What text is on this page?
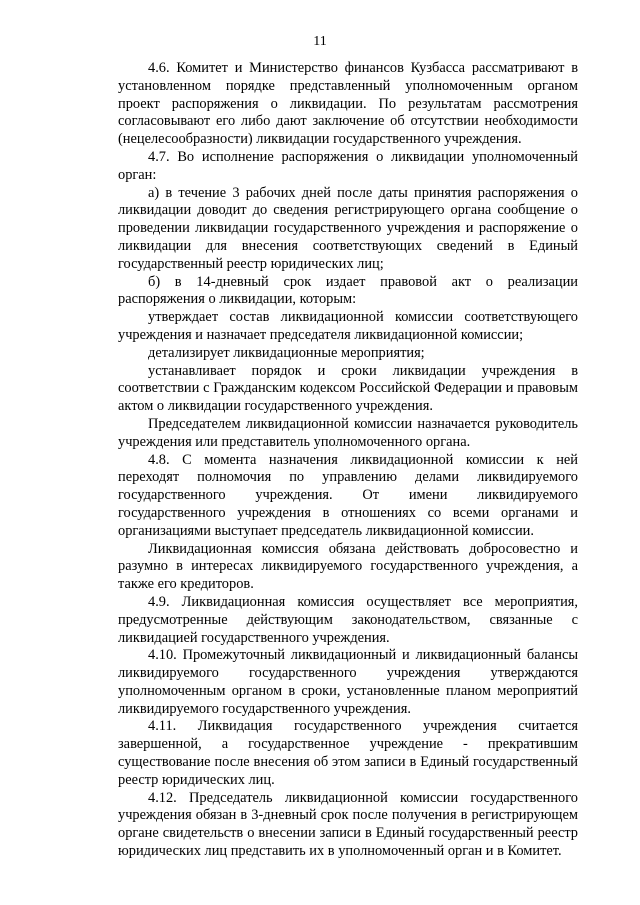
11

4.6. Комитет и Министерство финансов Кузбасса рассматривают в установленном порядке представленный уполномоченным органом проект распоряжения о ликвидации. По результатам рассмотрения согласовывают его либо дают заключение об отсутствии необходимости (нецелесообразности) ликвидации государственного учреждения.

4.7. Во исполнение распоряжения о ликвидации уполномоченный орган:

а) в течение 3 рабочих дней после даты принятия распоряжения о ликвидации доводит до сведения регистрирующего органа сообщение о проведении ликвидации государственного учреждения и распоряжение о ликвидации для внесения соответствующих сведений в Единый государственный реестр юридических лиц;

б) в 14-дневный срок издает правовой акт о реализации распоряжения о ликвидации, которым:

утверждает состав ликвидационной комиссии соответствующего учреждения и назначает председателя ликвидационной комиссии;

детализирует ликвидационные мероприятия;

устанавливает порядок и сроки ликвидации учреждения в соответствии с Гражданским кодексом Российской Федерации и правовым актом о ликвидации государственного учреждения.

Председателем ликвидационной комиссии назначается руководитель учреждения или представитель уполномоченного органа.

4.8. С момента назначения ликвидационной комиссии к ней переходят полномочия по управлению делами ликвидируемого государственного учреждения. От имени ликвидируемого государственного учреждения в отношениях со всеми органами и организациями выступает председатель ликвидационной комиссии.

Ликвидационная комиссия обязана действовать добросовестно и разумно в интересах ликвидируемого государственного учреждения, а также его кредиторов.

4.9. Ликвидационная комиссия осуществляет все мероприятия, предусмотренные действующим законодательством, связанные с ликвидацией государственного учреждения.

4.10. Промежуточный ликвидационный и ликвидационный балансы ликвидируемого государственного учреждения утверждаются уполномоченным органом в сроки, установленные планом мероприятий ликвидируемого государственного учреждения.

4.11. Ликвидация государственного учреждения считается завершенной, а государственное учреждение - прекратившим существование после внесения об этом записи в Единый государственный реестр юридических лиц.

4.12. Председатель ликвидационной комиссии государственного учреждения обязан в 3-дневный срок после получения в регистрирующем органе свидетельств о внесении записи в Единый государственный реестр юридических лиц представить их в уполномоченный орган и в Комитет.
